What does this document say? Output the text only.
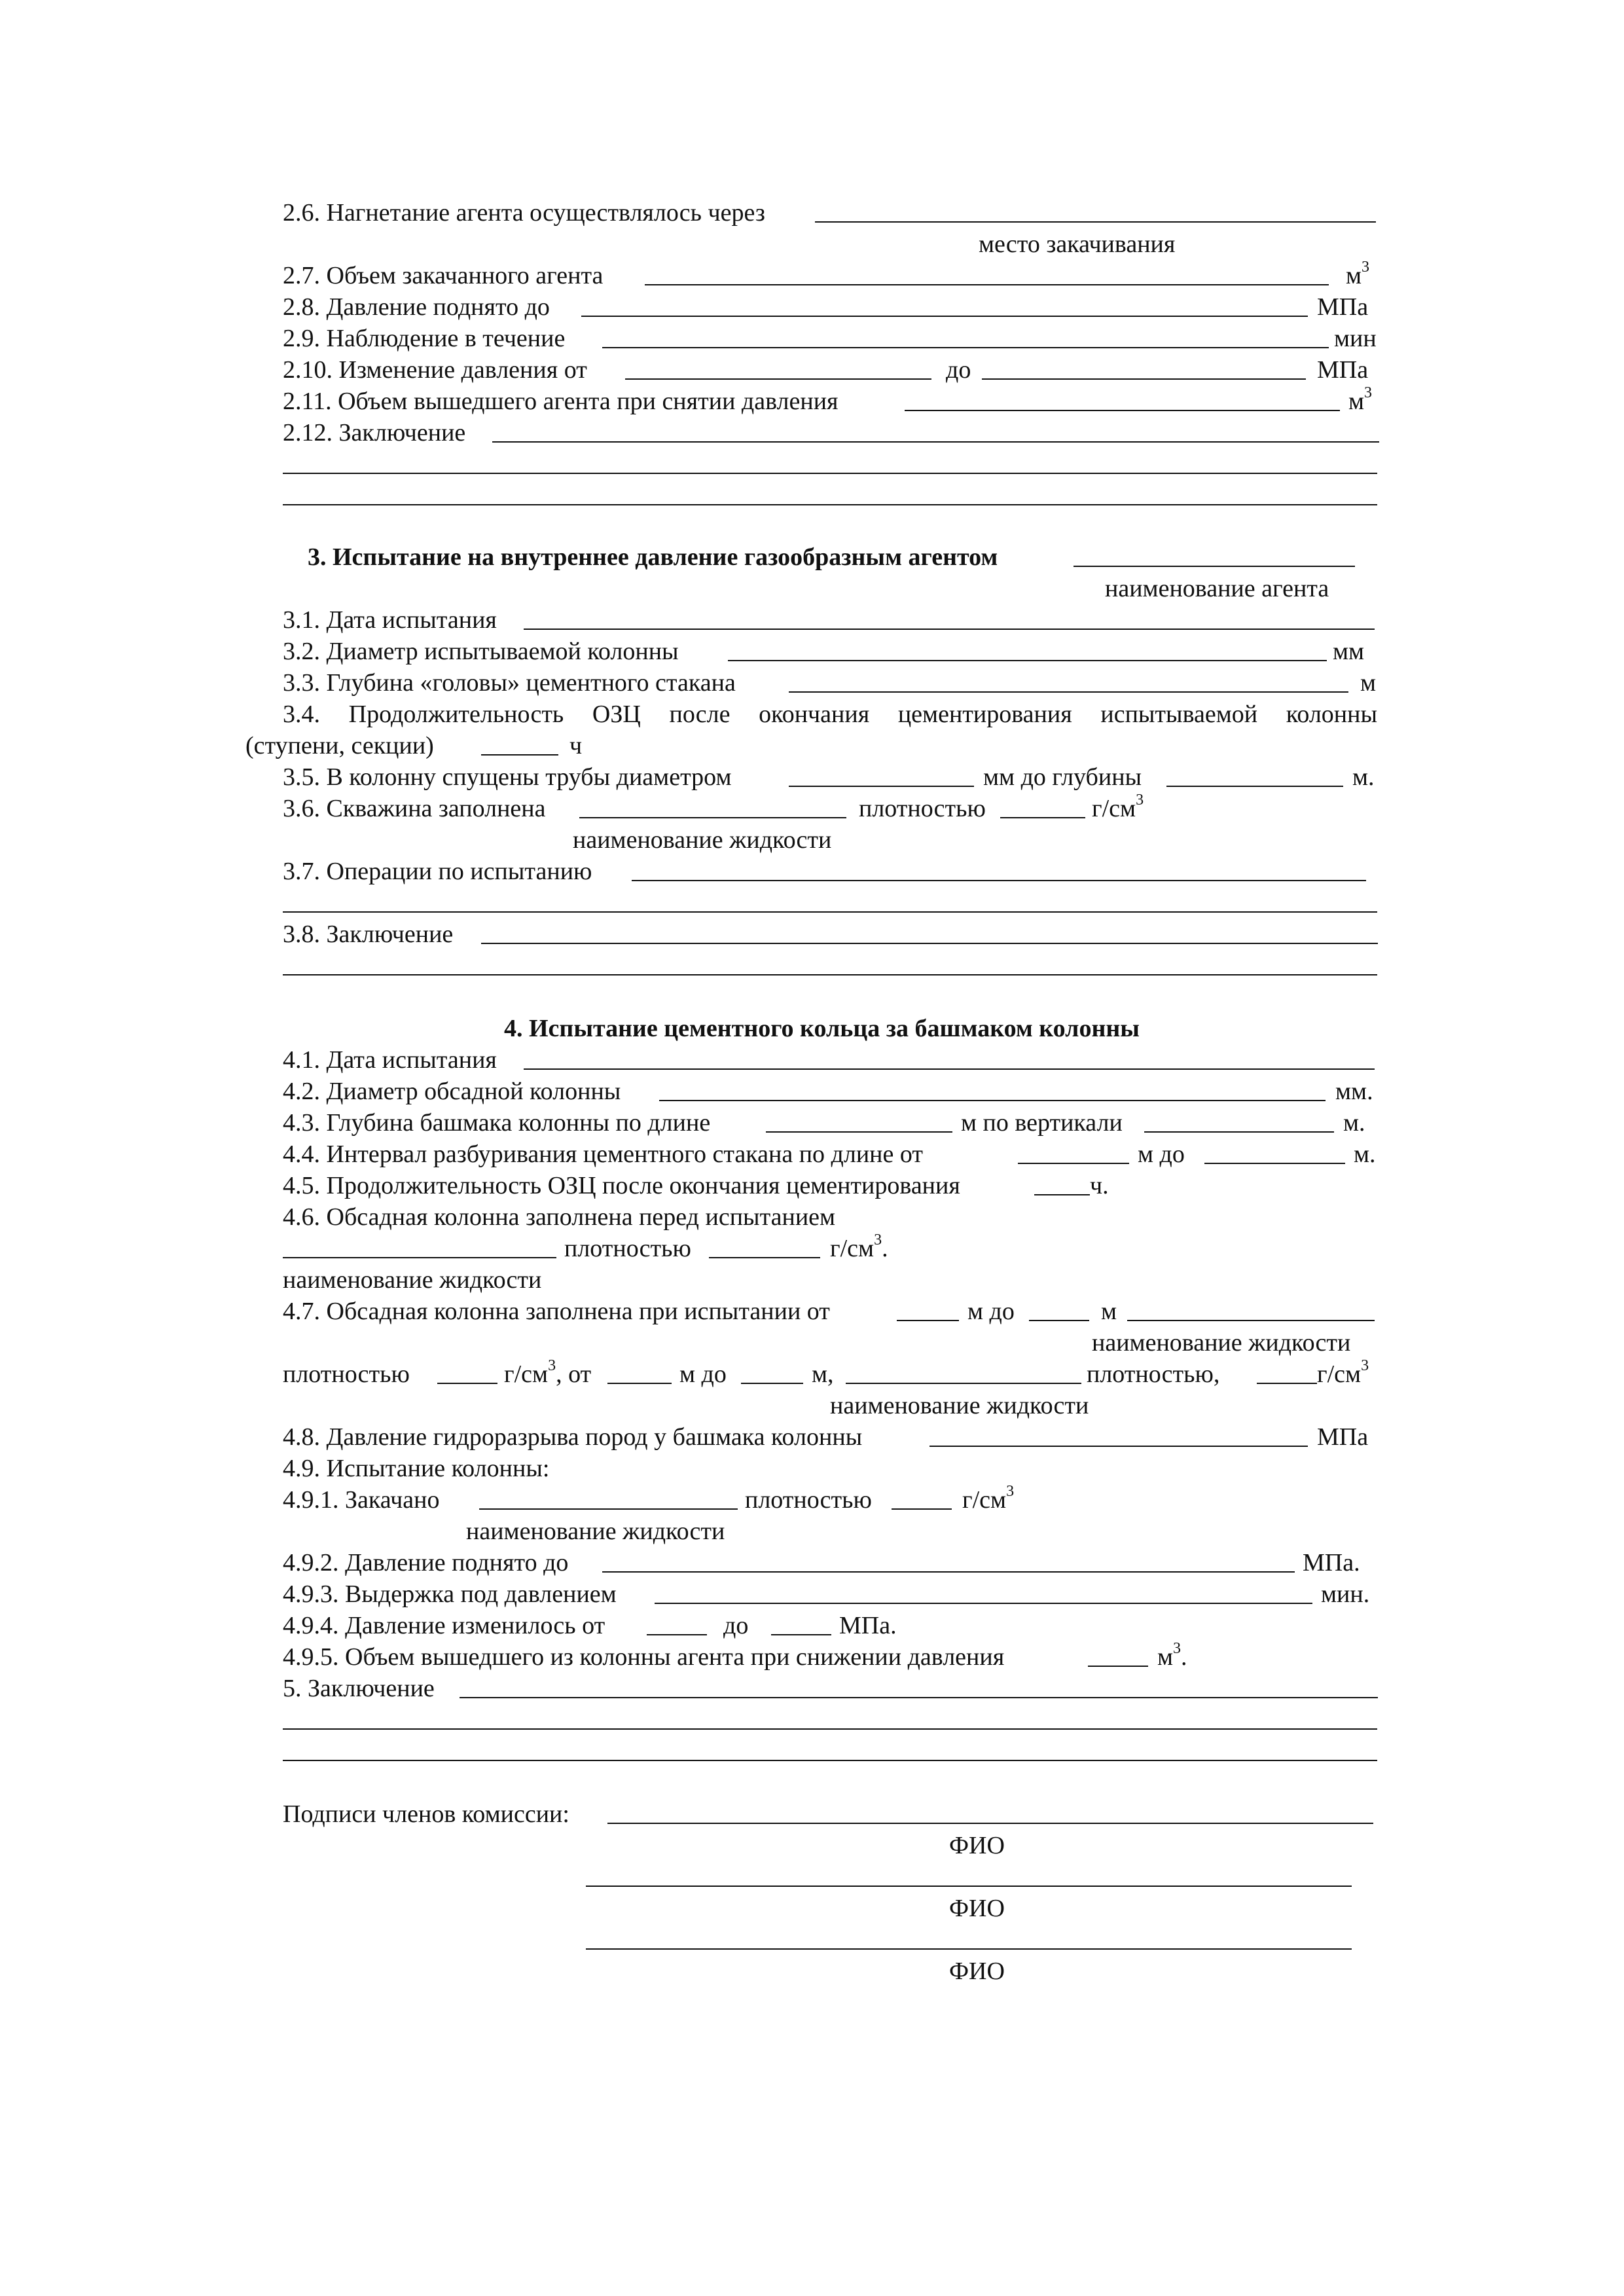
2.6. Нагнетание агента осуществлялось через
место закачивания
2.7. Объем закачанного агента	$м^3$
2.8. Давление поднято до	МПа
2.9. Наблюдение в течение	мин
2.10. Изменение давления от	до	МПа
2.11. Объем вышедшего агента при снятии давления	$м^3$
2.12. Заключение
3. Испытание на внутреннее давление газообразным агентом
наименование агента
3.1. Дата испытания
3.2. Диаметр испытываемой колонны	мм
3.3. Глубина «головы» цементного стакана	м
3.4. Продолжительность ОЗЦ после окончания цементирования испытываемой колонны
(ступени, секции)	ч
3.5. В колонну спущены трубы диаметром	мм до глубины	м.
3.6. Скважина заполнена	плотностью	$г/см^3$
наименование жидкости
3.7. Операции по испытанию
3.8. Заключение
4. Испытание цементного кольца за башмаком колонны
4.1. Дата испытания
4.2. Диаметр обсадной колонны	мм.
4.3. Глубина башмака колонны по длине	м по вертикали	м.
4.4. Интервал разбуривания цементного стакана по длине от	м до	м.
4.5. Продолжительность ОЗЦ после окончания цементирования	ч.
4.6. Обсадная колонна заполнена перед испытанием
плотностью	$г/см^3$.
наименование жидкости
4.7. Обсадная колонна заполнена при испытании от	м до	м
наименование жидкости
плотностью	$г/см^3$, от	м до	м,	плотностью,	$г/см^3$
наименование жидкости
4.8. Давление гидроразрыва пород у башмака колонны	МПа
4.9. Испытание колонны:
4.9.1. Закачано	плотностью	$г/см^3$
наименование жидкости
4.9.2. Давление поднято до	МПа.
4.9.3. Выдержка под давлением	мин.
4.9.4. Давление изменилось от	до	МПа.
4.9.5. Объем вышедшего из колонны агента при снижении давления	$м^3$.
5. Заключение
Подписи членов комиссии:
ФИО
ФИО
ФИО
